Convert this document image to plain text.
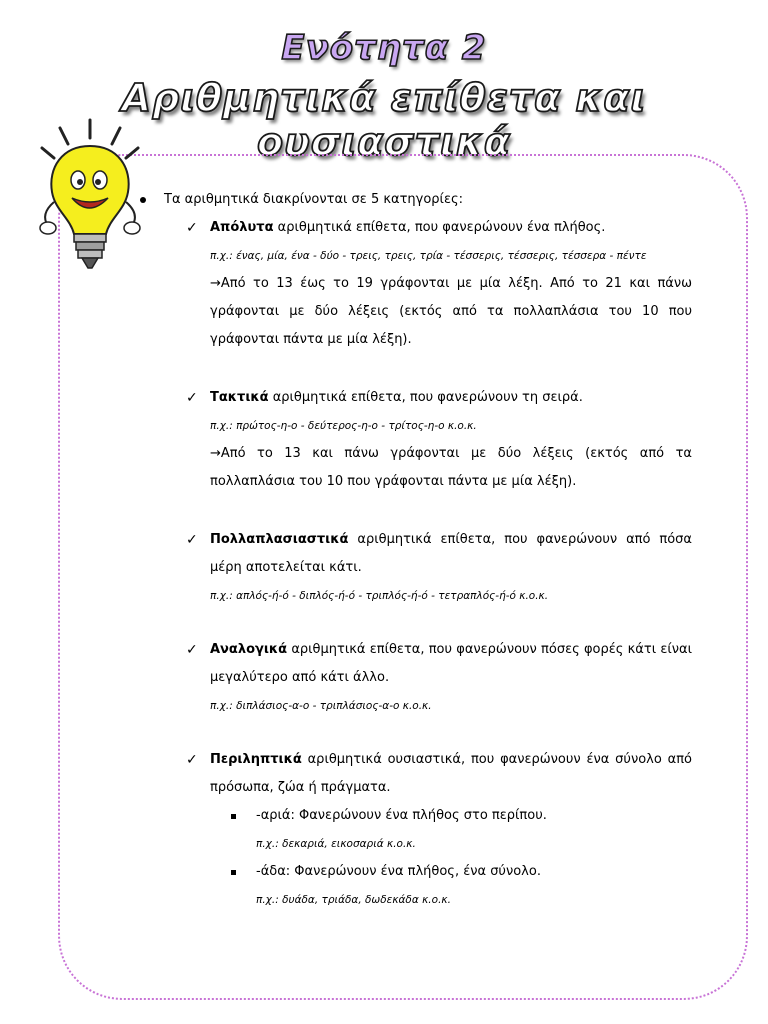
Ενότητα 2
Αριθμητικά επίθετα και ουσιαστικά
Τα αριθμητικά διακρίνονται σε 5 κατηγορίες:
✓ Απόλυτα αριθμητικά επίθετα, που φανερώνουν ένα πλήθος.

π.χ.: ένας, μία, ένα - δύο - τρεις, τρεις, τρία - τέσσερις, τέσσερις, τέσσερα - πέντε

→Από το 13 έως το 19 γράφονται με μία λέξη. Από το 21 και πάνω γράφονται με δύο λέξεις (εκτός από τα πολλαπλάσια του 10 που γράφονται πάντα με μία λέξη).

✓ Τακτικά αριθμητικά επίθετα, που φανερώνουν τη σειρά.

π.χ.: πρώτος-η-ο - δεύτερος-η-ο - τρίτος-η-ο κ.ο.κ.

→Από το 13 και πάνω γράφονται με δύο λέξεις (εκτός από τα πολλαπλάσια του 10 που γράφονται πάντα με μία λέξη).

✓ Πολλαπλασιαστικά αριθμητικά επίθετα, που φανερώνουν από πόσα μέρη αποτελείται κάτι.

π.χ.: απλός-ή-ό - διπλός-ή-ό - τριπλός-ή-ό - τετραπλός-ή-ό κ.ο.κ.

✓ Αναλογικά αριθμητικά επίθετα, που φανερώνουν πόσες φορές κάτι είναι μεγαλύτερο από κάτι άλλο.

π.χ.: διπλάσιος-α-ο - τριπλάσιος-α-ο κ.ο.κ.

✓ Περιληπτικά αριθμητικά ουσιαστικά, που φανερώνουν ένα σύνολο από πρόσωπα, ζώα ή πράγματα.

-αριά: Φανερώνουν ένα πλήθος στο περίπου.

π.χ.: δεκαριά, εικοσαριά κ.ο.κ.

-άδα: Φανερώνουν ένα πλήθος, ένα σύνολο.

π.χ.: δυάδα, τριάδα, δωδεκάδα κ.ο.κ.
